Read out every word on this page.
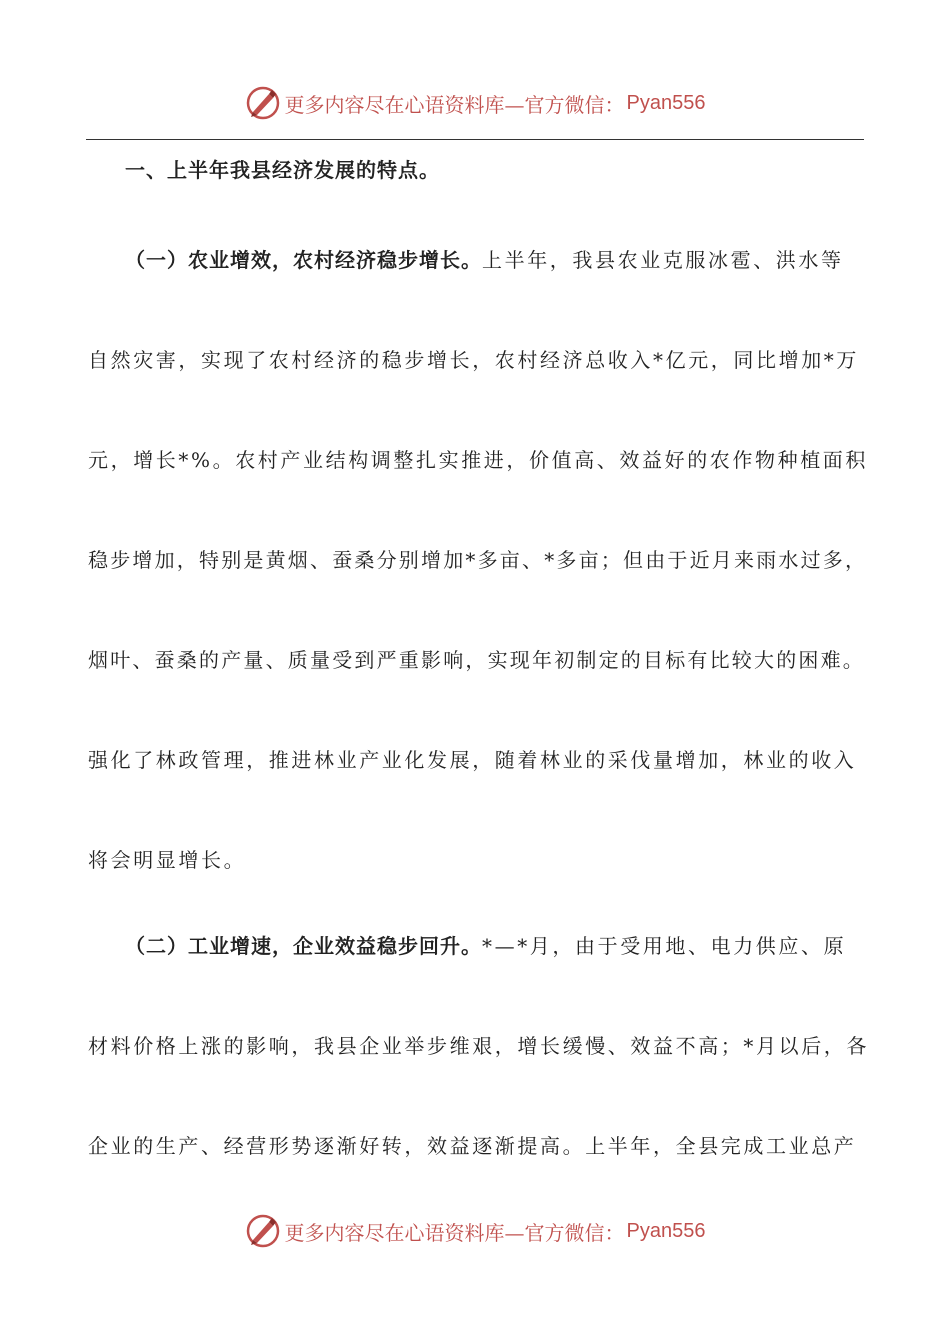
更多内容尽在心语资料库—官方微信： Pyan556
一、上半年我县经济发展的特点。
（一）农业增效，农村经济稳步增长。上半年，我县农业克服冰雹、洪水等
自然灾害，实现了农村经济的稳步增长，农村经济总收入*亿元，同比增加*万
元，增长*%。农村产业结构调整扎实推进，价值高、效益好的农作物种植面积
稳步增加，特别是黄烟、蚕桑分别增加*多亩、*多亩；但由于近月来雨水过多，
烟叶、蚕桑的产量、质量受到严重影响，实现年初制定的目标有比较大的困难。
强化了林政管理，推进林业产业化发展，随着林业的采伐量增加，林业的收入
将会明显增长。
（二）工业增速，企业效益稳步回升。*—*月，由于受用地、电力供应、原
材料价格上涨的影响，我县企业举步维艰，增长缓慢、效益不高；*月以后，各
企业的生产、经营形势逐渐好转，效益逐渐提高。上半年，全县完成工业总产
更多内容尽在心语资料库—官方微信： Pyan556
